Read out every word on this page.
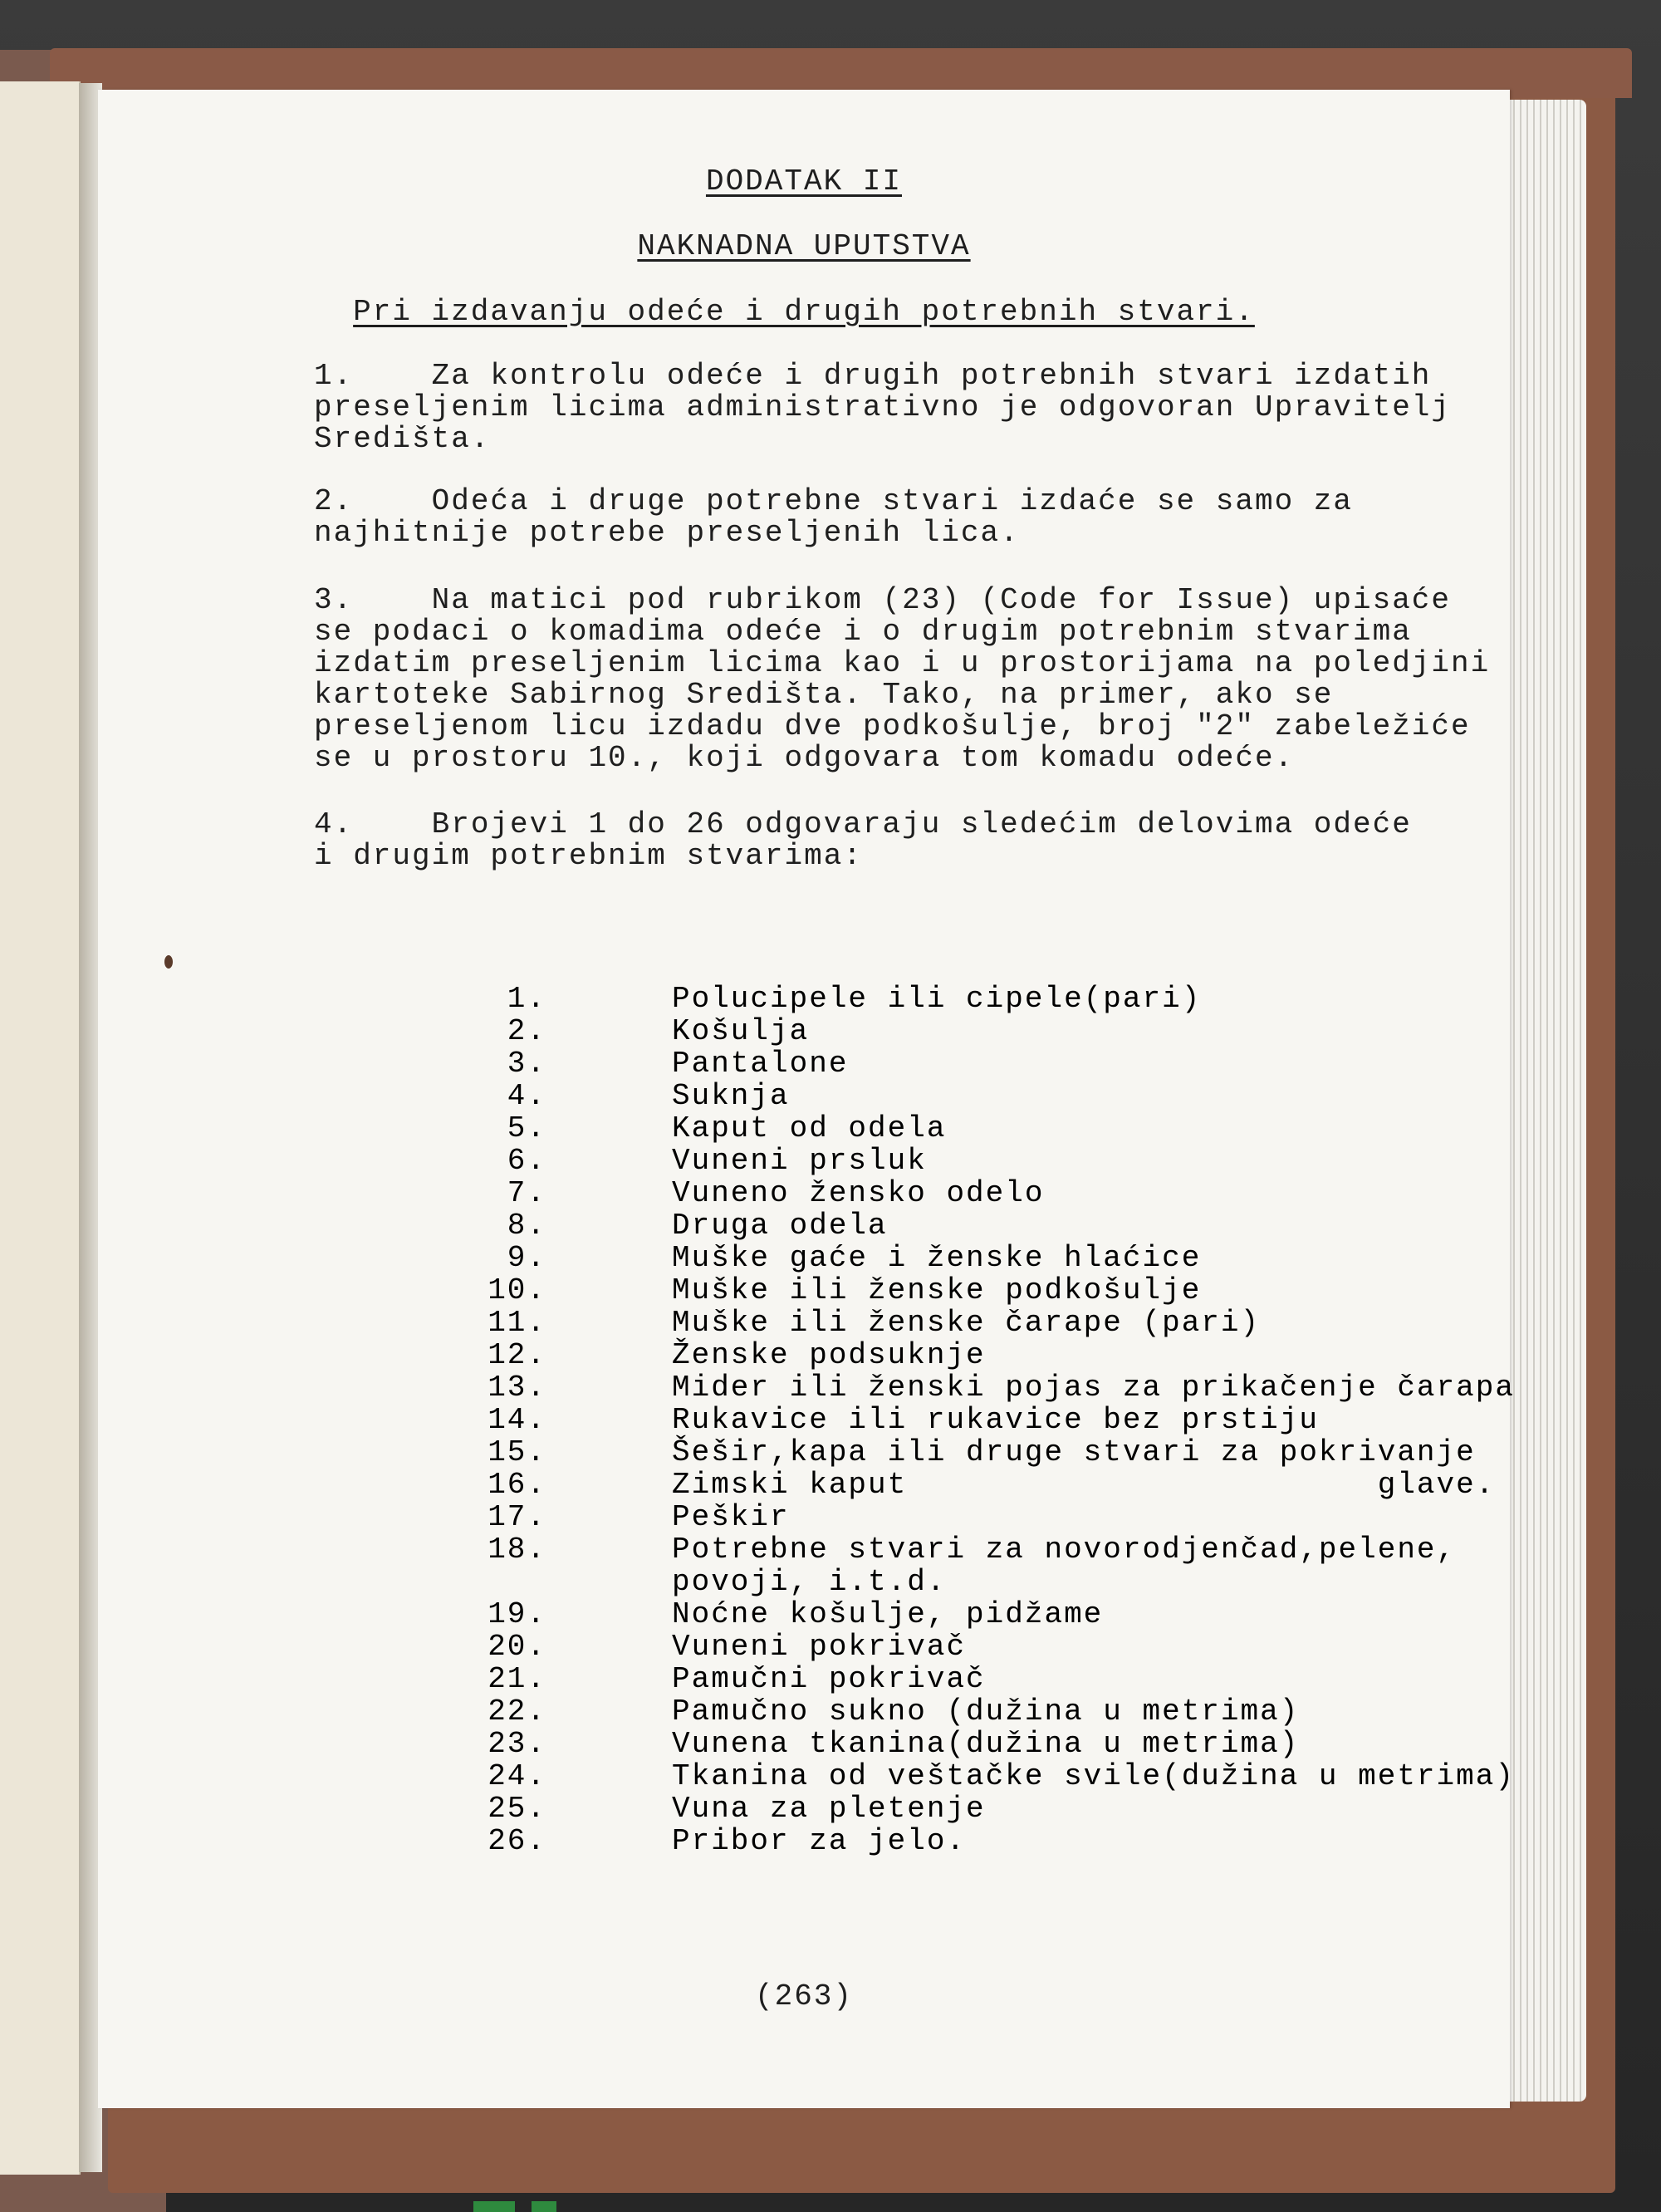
DODATAK II
NAKNADNA UPUTSTVA
Pri izdavanju odeće i drugih potrebnih stvari.
1.    Za kontrolu odeće i drugih potrebnih stvari izdatih
preseljenim licima administrativno je odgovoran Upravitelj
Središta.
2.    Odeća i druge potrebne stvari izdaće se samo za
najhitnije potrebe preseljenih lica.
3.    Na matici pod rubrikom (23) (Code for Issue) upisaće
se podaci o komadima odeće i o drugim potrebnim stvarima
izdatim preseljenim licima kao i u prostorijama na poledjini
kartoteke Sabirnog Središta. Tako, na primer, ako se
preseljenom licu izdadu dve podkošulje, broj "2" zabeležiće
se u prostoru 10., koji odgovara tom komadu odeće.
4.    Brojevi 1 do 26 odgovaraju sledećim delovima odeće
i drugim potrebnim stvarima:
(263)
1.	Polucipele ili cipele(pari)
2.	Košulja
3.	Pantalone
4.	Suknja
5.	Kaput od odela
6.	Vuneni prsluk
7.	Vuneno žensko odelo
8.	Druga odela
9.	Muške gaće i ženske hlaćice
10.	Muške ili ženske podkošulje
11.	Muške ili ženske čarape (pari)
12.	Ženske podsuknje
13.	Mider ili ženski pojas za prikačenje čarapa
14.	Rukavice ili rukavice bez prstiju
15.	Šešir,kapa ili druge stvari za pokrivanje
16.	Zimski kaput                        glave.
17.	Peškir
18.	Potrebne stvari za novorodjenčad,pelene,
povoji, i.t.d.
19.	Noćne košulje, pidžame
20.	Vuneni pokrivač
21.	Pamučni pokrivač
22.	Pamučno sukno (dužina u metrima)
23.	Vunena tkanina(dužina u metrima)
24.	Tkanina od veštačke svile(dužina u metrima)
25.	Vuna za pletenje
26.	Pribor za jelo.
